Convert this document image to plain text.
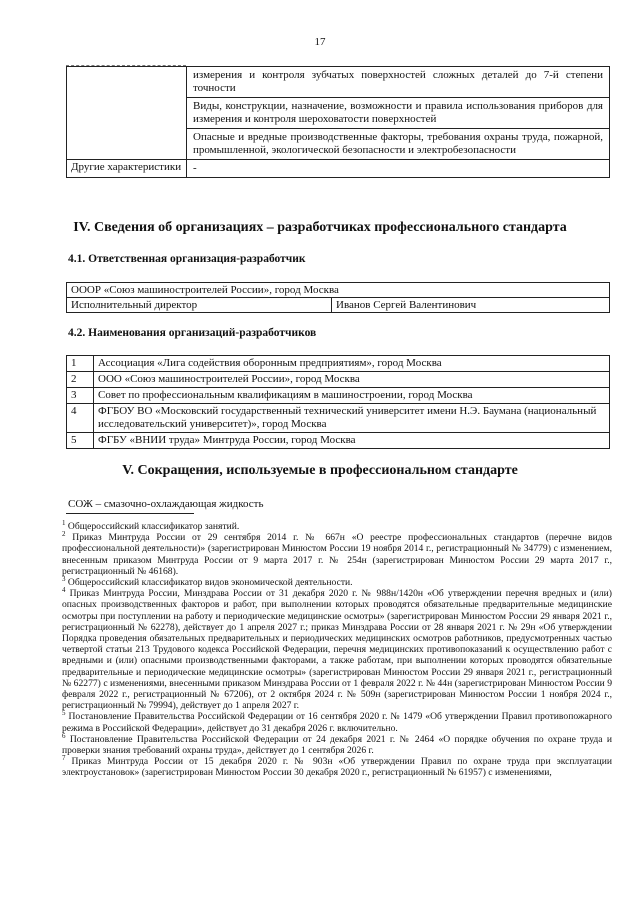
17
измерения и контроля зубчатых поверхностей сложных деталей до 7-й степени точности
Виды, конструкции, назначение, возможности и правила использования приборов для измерения и контроля шероховатости поверхностей
Опасные и вредные производственные факторы, требования охраны труда, пожарной, промышленной, экологической безопасности и электробезопасности
Другие характеристики	-
IV. Сведения об организациях – разработчиках профессионального стандарта
4.1. Ответственная организация-разработчик
ОООР «Союз машиностроителей России», город Москва
Исполнительный директор	Иванов Сергей Валентинович
4.2. Наименования организаций-разработчиков
1	Ассоциация «Лига содействия оборонным предприятиям», город Москва
2	ООО «Союз машиностроителей России», город Москва
3	Совет по профессиональным квалификациям в машиностроении, город Москва
4	ФГБОУ ВО «Московский государственный технический университет имени Н.Э. Баумана (национальный исследовательский университет)», город Москва
5	ФГБУ «ВНИИ труда» Минтруда России, город Москва
V. Сокращения, используемые в профессиональном стандарте
СОЖ – смазочно-охлаждающая жидкость

$^1$ Общероссийский классификатор занятий.

$^2$ Приказ Минтруда России от 29 сентября 2014 г. № 667н «О реестре профессиональных стандартов (перечне видов профессиональной деятельности)» (зарегистрирован Минюстом России 19 ноября 2014 г., регистрационный № 34779) с изменением, внесенным приказом Минтруда России от 9 марта 2017 г. № 254н (зарегистрирован Минюстом России 29 марта 2017 г., регистрационный № 46168).

$^3$ Общероссийский классификатор видов экономической деятельности.

$^4$ Приказ Минтруда России, Минздрава России от 31 декабря 2020 г. № 988н/1420н «Об утверждении перечня вредных и (или) опасных производственных факторов и работ, при выполнении которых проводятся обязательные предварительные медицинские осмотры при поступлении на работу и периодические медицинские осмотры» (зарегистрирован Минюстом России 29 января 2021 г., регистрационный № 62278), действует до 1 апреля 2027 г.; приказ Минздрава России от 28 января 2021 г. № 29н «Об утверждении Порядка проведения обязательных предварительных и периодических медицинских осмотров работников, предусмотренных частью четвертой статьи 213 Трудового кодекса Российской Федерации, перечня медицинских противопоказаний к осуществлению работ с вредными и (или) опасными производственными факторами, а также работам, при выполнении которых проводятся обязательные предварительные и периодические медицинские осмотры» (зарегистрирован Минюстом России 29 января 2021 г., регистрационный № 62277) с изменениями, внесенными приказом Минздрава России от 1 февраля 2022 г. № 44н (зарегистрирован Минюстом России 9 февраля 2022 г., регистрационный № 67206), от 2 октября 2024 г. № 509н (зарегистрирован Минюстом России 1 ноября 2024 г., регистрационный № 79994), действует до 1 апреля 2027 г.

$^5$ Постановление Правительства Российской Федерации от 16 сентября 2020 г. № 1479 «Об утверждении Правил противопожарного режима в Российской Федерации», действует до 31 декабря 2026 г. включительно.

$^6$ Постановление Правительства Российской Федерации от 24 декабря 2021 г. № 2464 «О порядке обучения по охране труда и проверки знания требований охраны труда», действует до 1 сентября 2026 г.

$^7$ Приказ Минтруда России от 15 декабря 2020 г. № 903н «Об утверждении Правил по охране труда при эксплуатации электроустановок» (зарегистрирован Минюстом России 30 декабря 2020 г., регистрационный № 61957) с изменениями,
